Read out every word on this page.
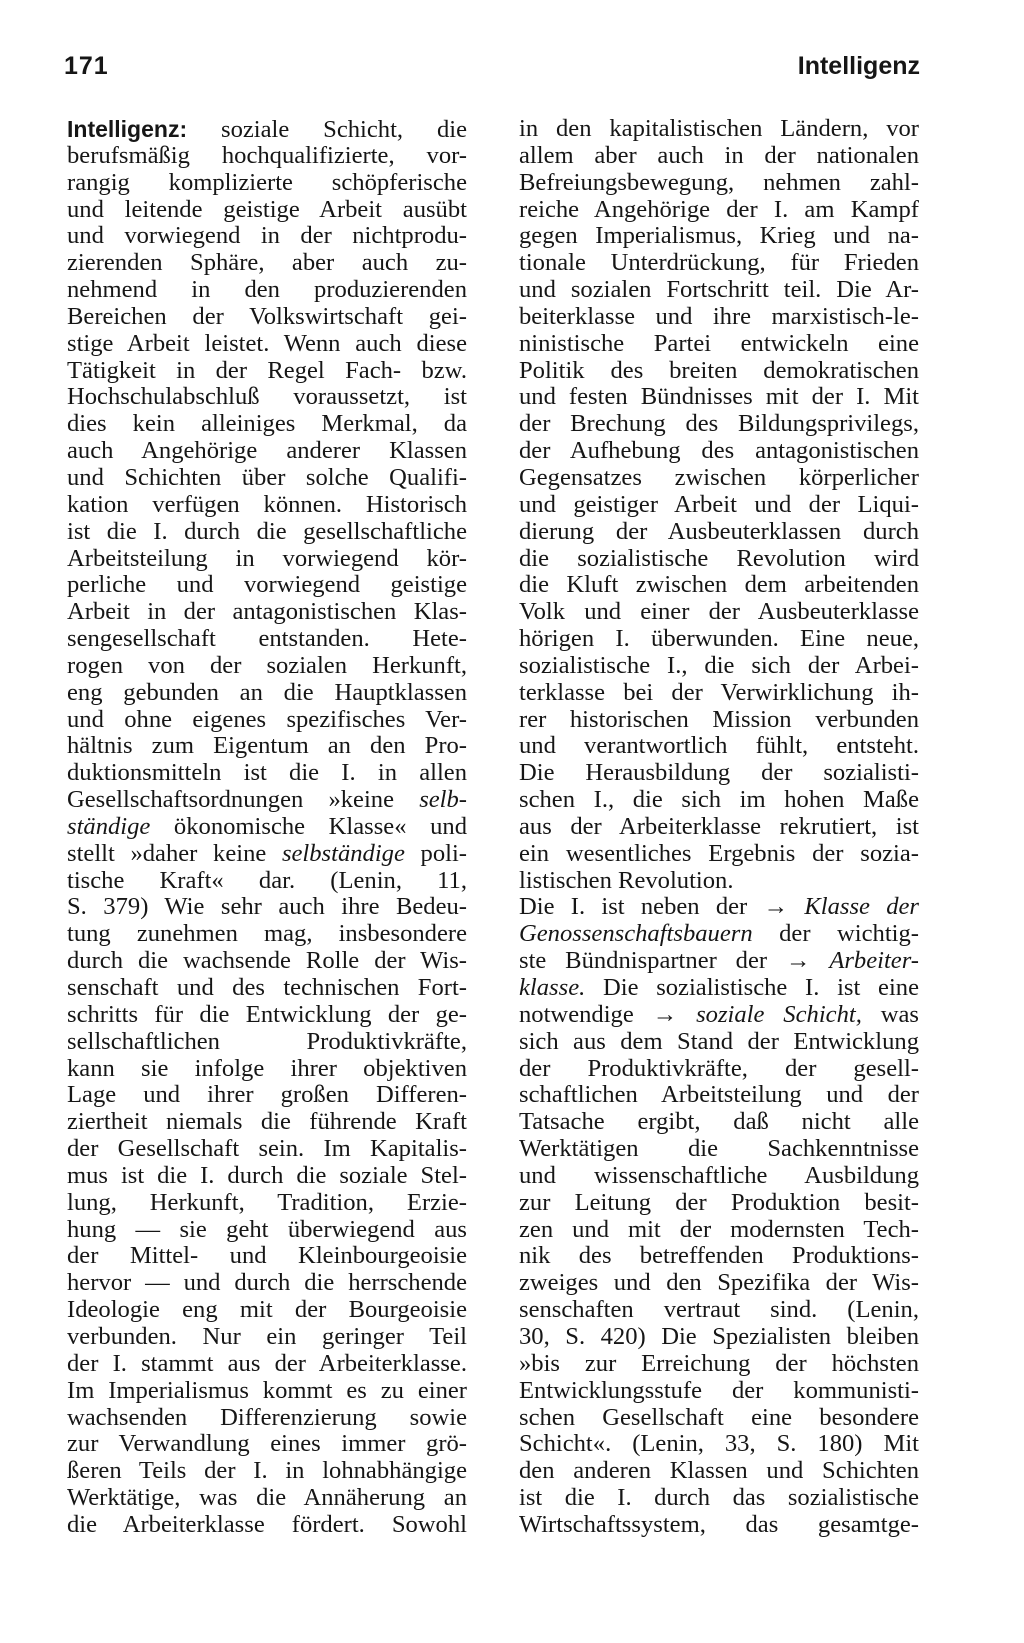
171	Intelligenz
Intelligenz: soziale Schicht, die
berufsmäßig hochqualifizierte, vor-
rangig komplizierte schöpferische
und leitende geistige Arbeit ausübt
und vorwiegend in der nichtprodu-
zierenden Sphäre, aber auch zu-
nehmend in den produzierenden
Bereichen der Volkswirtschaft gei-
stige Arbeit leistet. Wenn auch diese
Tätigkeit in der Regel Fach- bzw.
Hochschulabschluß voraussetzt, ist
dies kein alleiniges Merkmal, da
auch Angehörige anderer Klassen
und Schichten über solche Qualifi-
kation verfügen können. Historisch
ist die I. durch die gesellschaftliche
Arbeitsteilung in vorwiegend kör-
perliche und vorwiegend geistige
Arbeit in der antagonistischen Klas-
sengesellschaft entstanden. Hete-
rogen von der sozialen Herkunft,
eng gebunden an die Hauptklassen
und ohne eigenes spezifisches Ver-
hältnis zum Eigentum an den Pro-
duktionsmitteln ist die I. in allen
Gesellschaftsordnungen »keine selb-
ständige ökonomische Klasse« und
stellt »daher keine selbständige poli-
tische Kraft« dar. (Lenin, 11,
S. 379) Wie sehr auch ihre Bedeu-
tung zunehmen mag, insbesondere
durch die wachsende Rolle der Wis-
senschaft und des technischen Fort-
schritts für die Entwicklung der ge-
sellschaftlichen Produktivkräfte,
kann sie infolge ihrer objektiven
Lage und ihrer großen Differen-
ziertheit niemals die führende Kraft
der Gesellschaft sein. Im Kapitalis-
mus ist die I. durch die soziale Stel-
lung, Herkunft, Tradition, Erzie-
hung — sie geht überwiegend aus
der Mittel- und Kleinbourgeoisie
hervor — und durch die herrschende
Ideologie eng mit der Bourgeoisie
verbunden. Nur ein geringer Teil
der I. stammt aus der Arbeiterklasse.
Im Imperialismus kommt es zu einer
wachsenden Differenzierung sowie
zur Verwandlung eines immer grö-
ßeren Teils der I. in lohnabhängige
Werktätige, was die Annäherung an
die Arbeiterklasse fördert. Sowohl
in den kapitalistischen Ländern, vor
allem aber auch in der nationalen
Befreiungsbewegung, nehmen zahl-
reiche Angehörige der I. am Kampf
gegen Imperialismus, Krieg und na-
tionale Unterdrückung, für Frieden
und sozialen Fortschritt teil. Die Ar-
beiterklasse und ihre marxistisch-le-
ninistische Partei entwickeln eine
Politik des breiten demokratischen
und festen Bündnisses mit der I. Mit
der Brechung des Bildungsprivilegs,
der Aufhebung des antagonistischen
Gegensatzes zwischen körperlicher
und geistiger Arbeit und der Liqui-
dierung der Ausbeuterklassen durch
die sozialistische Revolution wird
die Kluft zwischen dem arbeitenden
Volk und einer der Ausbeuterklasse
hörigen I. überwunden. Eine neue,
sozialistische I., die sich der Arbei-
terklasse bei der Verwirklichung ih-
rer historischen Mission verbunden
und verantwortlich fühlt, entsteht.
Die Herausbildung der sozialisti-
schen I., die sich im hohen Maße
aus der Arbeiterklasse rekrutiert, ist
ein wesentliches Ergebnis der sozia-
listischen Revolution.
Die I. ist neben der → Klasse der
Genossenschaftsbauern der wichtig-
ste Bündnispartner der → Arbeiter-
klasse. Die sozialistische I. ist eine
notwendige → soziale Schicht, was
sich aus dem Stand der Entwicklung
der Produktivkräfte, der gesell-
schaftlichen Arbeitsteilung und der
Tatsache ergibt, daß nicht alle
Werktätigen die Sachkenntnisse
und wissenschaftliche Ausbildung
zur Leitung der Produktion besit-
zen und mit der modernsten Tech-
nik des betreffenden Produktions-
zweiges und den Spezifika der Wis-
senschaften vertraut sind. (Lenin,
30, S. 420) Die Spezialisten bleiben
»bis zur Erreichung der höchsten
Entwicklungsstufe der kommunisti-
schen Gesellschaft eine besondere
Schicht«. (Lenin, 33, S. 180) Mit
den anderen Klassen und Schichten
ist die I. durch das sozialistische
Wirtschaftssystem, das gesamtge-
